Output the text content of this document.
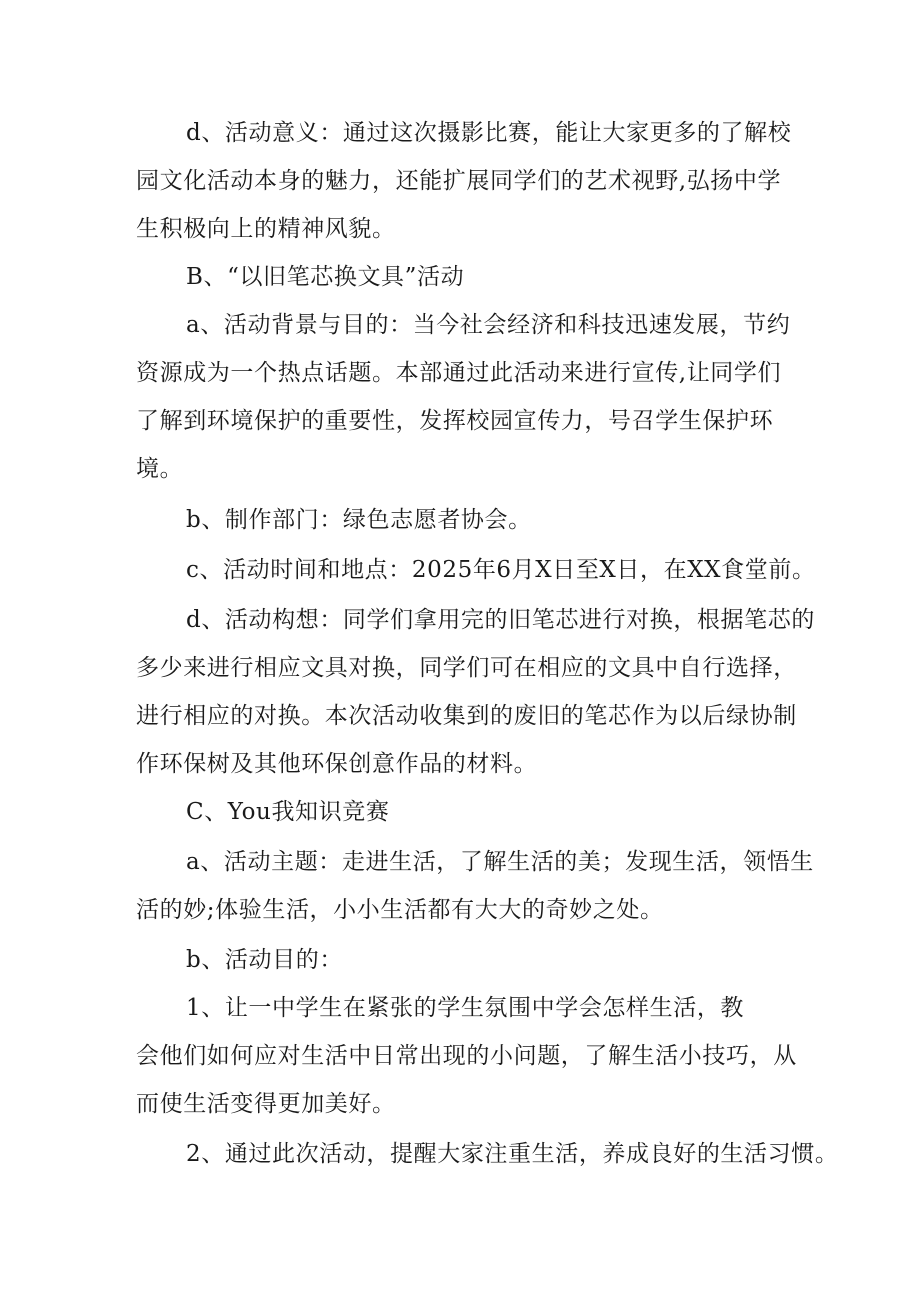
d、活动意义：通过这次摄影比赛，能让大家更多的了解校
园文化活动本身的魅力，还能扩展同学们的艺术视野,弘扬中学
生积极向上的精神风貌。
B、“以旧笔芯换文具”活动
a、活动背景与目的：当今社会经济和科技迅速发展，节约
资源成为一个热点话题。本部通过此活动来进行宣传,让同学们
了解到环境保护的重要性，发挥校园宣传力，号召学生保护环
境。
b、制作部门：绿色志愿者协会。
c、活动时间和地点：2025年6月X日至X日，在XX食堂前。
d、活动构想：同学们拿用完的旧笔芯进行对换，根据笔芯的
多少来进行相应文具对换，同学们可在相应的文具中自行选择，
进行相应的对换。本次活动收集到的废旧的笔芯作为以后绿协制
作环保树及其他环保创意作品的材料。
C、You我知识竞赛
a、活动主题：走进生活，了解生活的美；发现生活，领悟生
活的妙;体验生活，小小生活都有大大的奇妙之处。
b、活动目的：
1、让一中学生在紧张的学生氛围中学会怎样生活，教
会他们如何应对生活中日常出现的小问题，了解生活小技巧，从
而使生活变得更加美好。
2、通过此次活动，提醒大家注重生活，养成良好的生活习惯。
